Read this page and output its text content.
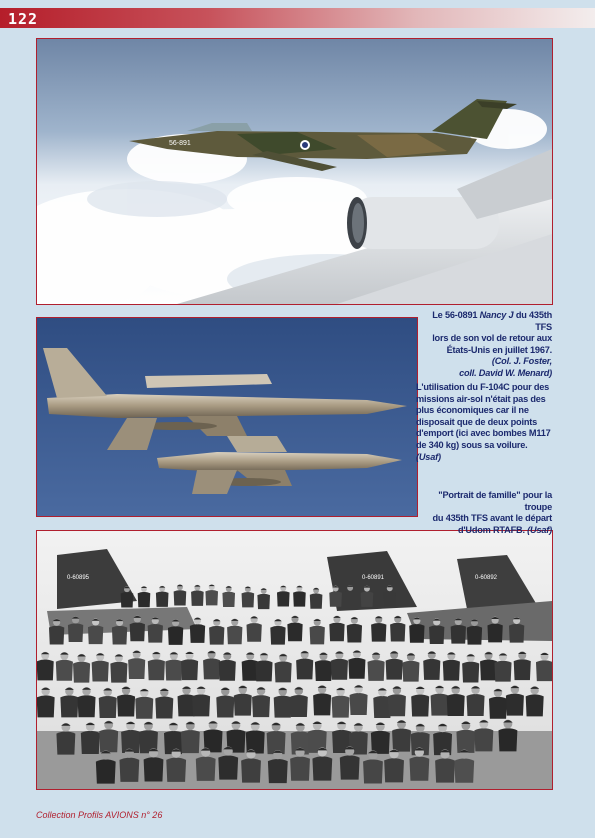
122
56-891
0-60895	0-60891	0-60892
Le 56-0891 Nancy J du 435th TFS
lors de son vol de retour aux
États-Unis en juillet 1967.
(Col. J. Foster,
coll. David W. Menard)
L'utilisation du F-104C pour des
missions air-sol n'était pas des
plus économiques car il ne
disposait que de deux points
d'emport (ici avec bombes M117
de 340 kg) sous sa voilure. (Usaf)
"Portrait de famille" pour la troupe
du 435th TFS avant le départ
d'Udom RTAFB. (Usaf)
Collection Profils AVIONS n° 26
